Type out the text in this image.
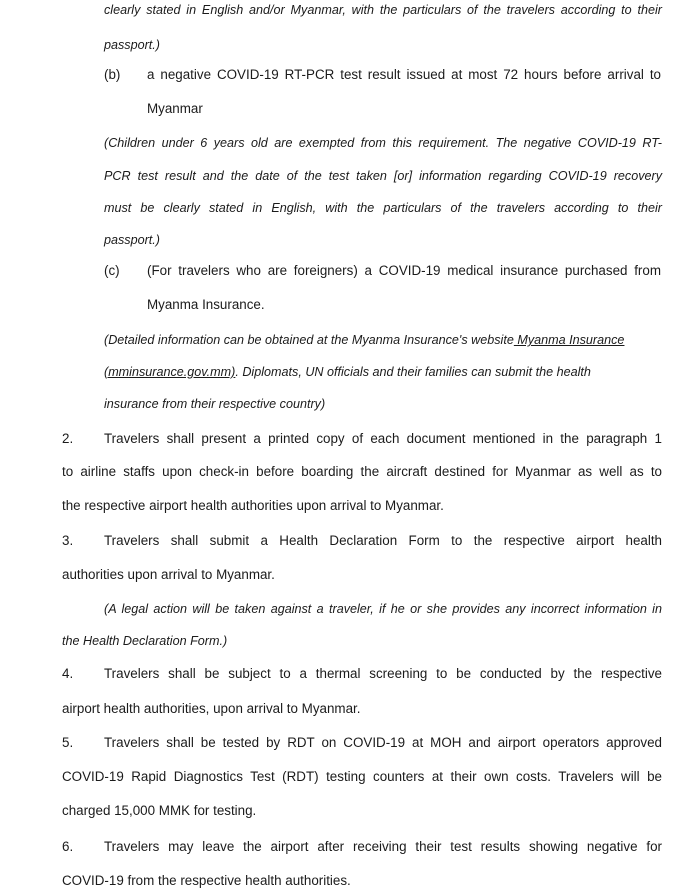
clearly stated in English and/or Myanmar, with the particulars of the travelers according to their
passport.)
(b) a negative COVID-19 RT-PCR test result issued at most 72 hours before arrival to
Myanmar
(Children under 6 years old are exempted from this requirement. The negative COVID-19 RT-
PCR test result and the date of the test taken [or] information regarding COVID-19 recovery
must be clearly stated in English, with the particulars of the travelers according to their
passport.)
(c) (For travelers who are foreigners) a COVID-19 medical insurance purchased from
Myanma Insurance.
(Detailed information can be obtained at the Myanma Insurance's website Myanma Insurance
(mminsurance.gov.mm). Diplomats, UN officials and their families can submit the health
insurance from their respective country)
2. Travelers shall present a printed copy of each document mentioned in the paragraph 1
to airline staffs upon check-in before boarding the aircraft destined for Myanmar as well as to
the respective airport health authorities upon arrival to Myanmar.
3. Travelers shall submit a Health Declaration Form to the respective airport health
authorities upon arrival to Myanmar.
(A legal action will be taken against a traveler, if he or she provides any incorrect information in
the Health Declaration Form.)
4. Travelers shall be subject to a thermal screening to be conducted by the respective
airport health authorities, upon arrival to Myanmar.
5. Travelers shall be tested by RDT on COVID-19 at MOH and airport operators approved
COVID-19 Rapid Diagnostics Test (RDT) testing counters at their own costs. Travelers will be
charged 15,000 MMK for testing.
6. Travelers may leave the airport after receiving their test results showing negative for
COVID-19 from the respective health authorities.
